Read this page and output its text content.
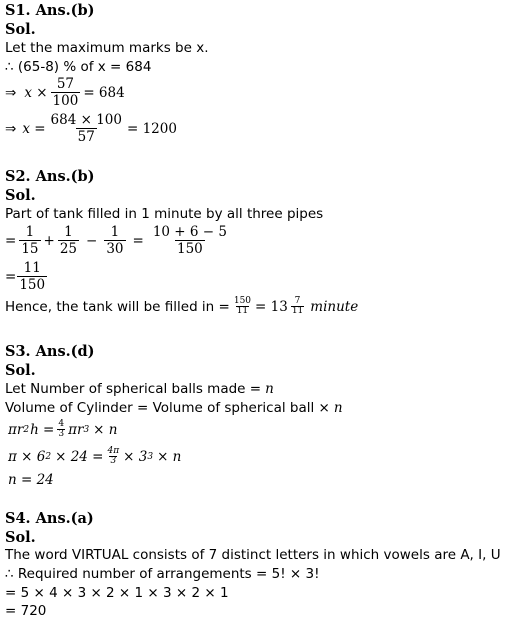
S1. Ans.(b)
Sol.
Let the maximum marks be x.
∴ (65-8) % of x = 684
⇒ $x \times \frac{57}{100} = 684$
⇒ $x = \frac{684 \times 100}{57} = 1200$
S2. Ans.(b)
Sol.
Part of tank filled in 1 minute by all three pipes
= $\frac{1}{15} + \frac{1}{25} - \frac{1}{30} = \frac{10 + 6 - 5}{150}$
= $\frac{11}{150}$
Hence, the tank will be filled in = $\frac{150}{11} = 13 \frac{7}{11}$ minute
S3. Ans.(d)
Sol.
Let Number of spherical balls made = n
Volume of Cylinder = Volume of spherical ball × n
πr 2 $h = \frac{4}{3}$ πr 3 × n
π × 6 $2 \times 24 = \frac{4\pi}{3} \times 3$ 3 × n
n = 24
S4. Ans.(a)
Sol.
The word VIRTUAL consists of 7 distinct letters in which vowels are A, I, U
∴ Required number of arrangements = 5! × 3!
= 5 × 4 × 3 × 2 × 1 × 3 × 2 × 1
= 720
